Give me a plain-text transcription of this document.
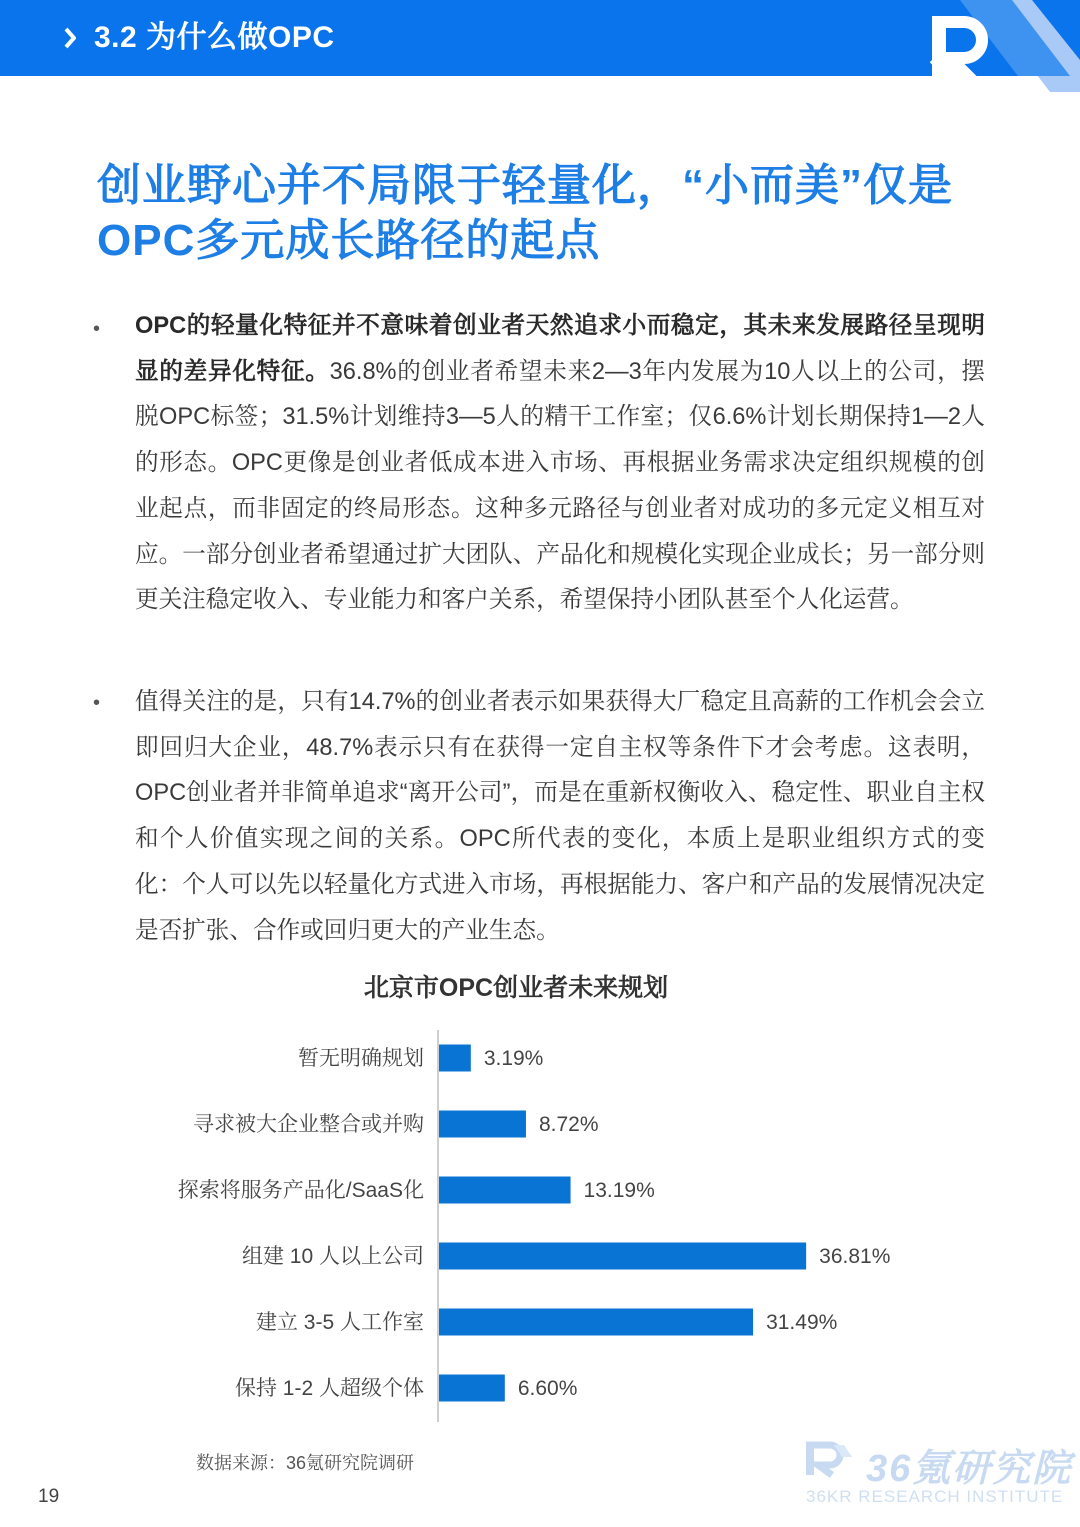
3.2 为什么做OPC
创业野心并不局限于轻量化，“小而美”仅是
OPC多元成长路径的起点
• OPC的轻量化特征并不意味着创业者天然追求小而稳定，其未来发展路径呈现明显的差异化特征。36.8%的创业者希望未来2—3年内发展为10人以上的公司，摆脱OPC标签；31.5%计划维持3—5人的精干工作室；仅6.6%计划长期保持1—2人的形态。OPC更像是创业者低成本进入市场、再根据业务需求决定组织规模的创业起点，而非固定的终局形态。这种多元路径与创业者对成功的多元定义相互对应。一部分创业者希望通过扩大团队、产品化和规模化实现企业成长；另一部分则更关注稳定收入、专业能力和客户关系，希望保持小团队甚至个人化运营。
• 值得关注的是，只有14.7%的创业者表示如果获得大厂稳定且高薪的工作机会会立即回归大企业，48.7%表示只有在获得一定自主权等条件下才会考虑。这表明，OPC创业者并非简单追求“离开公司”，而是在重新权衡收入、稳定性、职业自主权和个人价值实现之间的关系。OPC所代表的变化，本质上是职业组织方式的变化：个人可以先以轻量化方式进入市场，再根据能力、客户和产品的发展情况决定是否扩张、合作或回归更大的产业生态。
北京市OPC创业者未来规划
暂无明确规划	3.19%
寻求被大企业整合或并购	8.72%
探索将服务产品化/SaaS化	13.19%
组建 10 人以上公司	36.81%
建立 3-5 人工作室	31.49%
保持 1-2 人超级个体	6.60%
数据来源：36氪研究院调研
19
36氪研究院
36KR RESEARCH INSTITUTE
